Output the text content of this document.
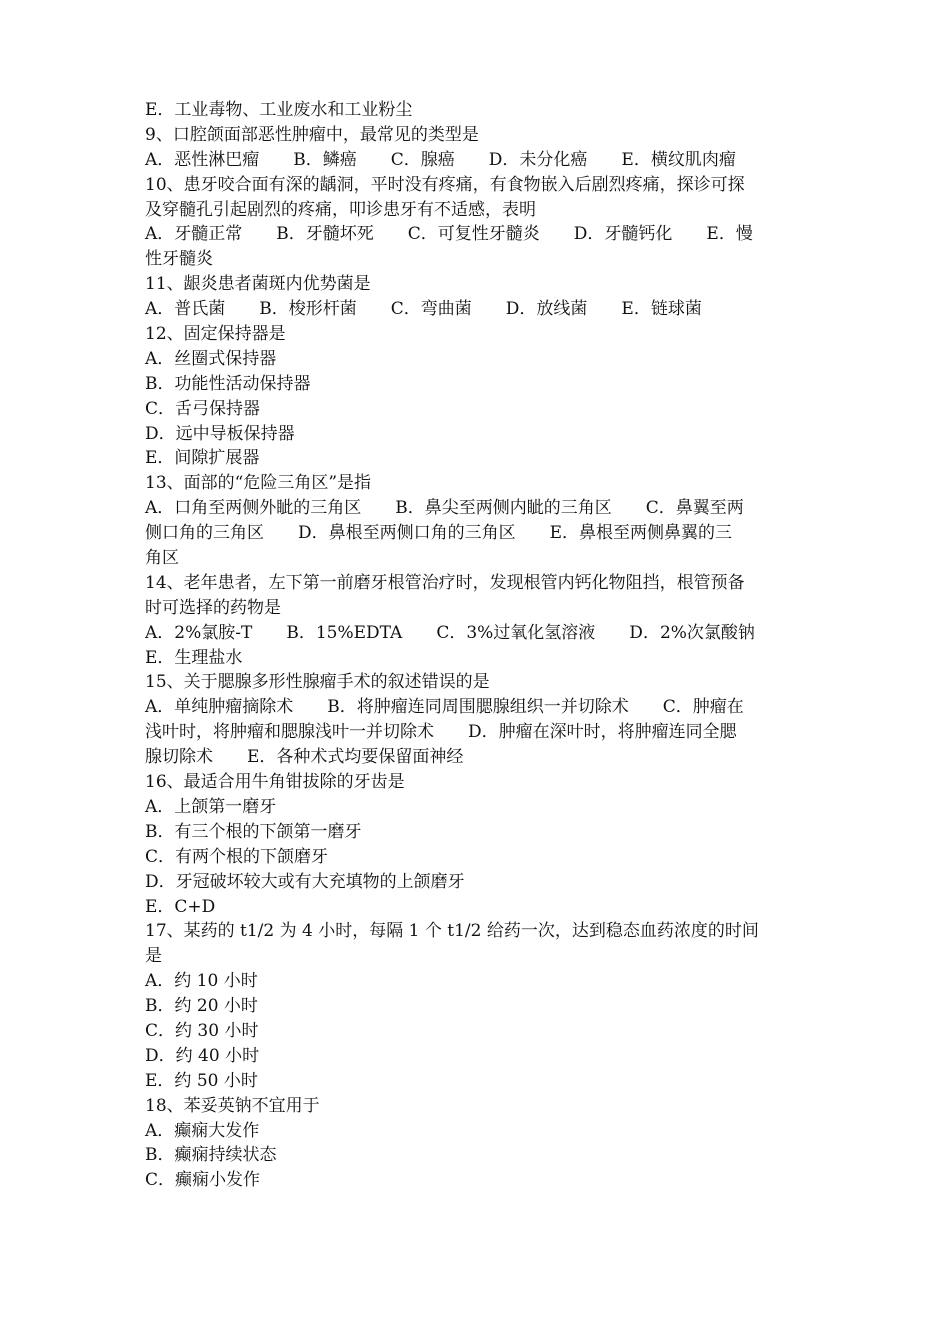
E．工业毒物、工业废水和工业粉尘
9、口腔颌面部恶性肿瘤中，最常见的类型是
A．恶性淋巴瘤　　B．鳞癌　　C．腺癌　　D．未分化癌　　E．横纹肌肉瘤
10、患牙咬合面有深的龋洞，平时没有疼痛，有食物嵌入后剧烈疼痛，探诊可探
及穿髓孔引起剧烈的疼痛，叩诊患牙有不适感，表明
A．牙髓正常　　B．牙髓坏死　　C．可复性牙髓炎　　D．牙髓钙化　　E．慢
性牙髓炎
11、龈炎患者菌斑内优势菌是
A．普氏菌　　B．梭形杆菌　　C．弯曲菌　　D．放线菌　　E．链球菌
12、固定保持器是
A．丝圈式保持器
B．功能性活动保持器
C．舌弓保持器
D．远中导板保持器
E．间隙扩展器
13、面部的“危险三角区”是指
A．口角至两侧外眦的三角区　　B．鼻尖至两侧内眦的三角区　　C．鼻翼至两
侧口角的三角区　　D．鼻根至两侧口角的三角区　　E．鼻根至两侧鼻翼的三
角区
14、老年患者，左下第一前磨牙根管治疗时，发现根管内钙化物阻挡，根管预备
时可选择的药物是
A．2%氯胺-T　　B．15%EDTA　　C．3%过氧化氢溶液　　D．2%次氯酸钠
E．生理盐水
15、关于腮腺多形性腺瘤手术的叙述错误的是
A．单纯肿瘤摘除术　　B．将肿瘤连同周围腮腺组织一并切除术　　C．肿瘤在
浅叶时，将肿瘤和腮腺浅叶一并切除术　　D．肿瘤在深叶时，将肿瘤连同全腮
腺切除术　　E．各种术式均要保留面神经
16、最适合用牛角钳拔除的牙齿是
A．上颌第一磨牙
B．有三个根的下颌第一磨牙
C．有两个根的下颌磨牙
D．牙冠破坏较大或有大充填物的上颌磨牙
E．C+D
17、某药的 t1/2 为 4 小时，每隔 1 个 t1/2 给药一次，达到稳态血药浓度的时间
是
A．约 10 小时
B．约 20 小时
C．约 30 小时
D．约 40 小时
E．约 50 小时
18、苯妥英钠不宜用于
A．癫痫大发作
B．癫痫持续状态
C．癫痫小发作
